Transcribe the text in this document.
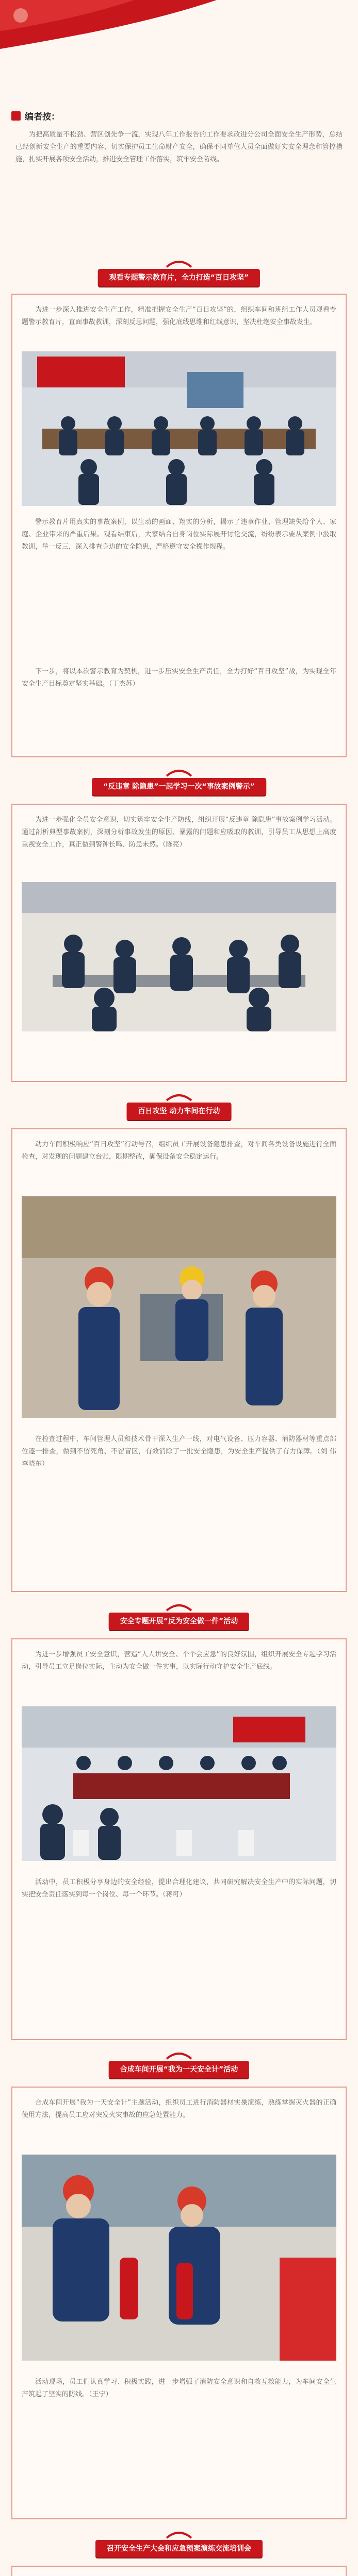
编者按：

为把高质量不松劲、营区创先争一流，实现八年工作报告的工作要求改进分公司全面安全生产形势，总结已经创新安全生产的重要内容，切实保护员工生命财产安全，确保不同单位人员全面做好实安全理念和管控措施，扎实开展各项安全活动，推进安全管理工作落实，筑牢安全防线。

观看专题警示教育片，全力打造“百日攻坚”

为进一步深入推进安全生产工作，精准把握安全生产“百日攻坚”的，组织车间和班组工作人员观看专题警示教育片，直面事故教训，深刻反思问题，强化底线思维和红线意识，坚决杜绝安全事故发生。

警示教育片用真实的事故案例，以生动的画面、翔实的分析，揭示了违章作业、管理缺失给个人、家庭、企业带来的严重后果。观看结束后，大家结合自身岗位实际展开讨论交流，纷纷表示要从案例中汲取教训，举一反三，深入排查身边的安全隐患，严格遵守安全操作规程。

下一步，将以本次警示教育为契机，进一步压实安全生产责任，全力打好“百日攻坚”战，为实现全年安全生产目标奠定坚实基础。（丁杰苏）

“反违章 除隐患”一起学习一次“事故案例警示”

为进一步强化全员安全意识，切实筑牢安全生产防线，组织开展“反违章 除隐患”事故案例学习活动。通过剖析典型事故案例，深刻分析事故发生的原因、暴露的问题和应吸取的教训，引导员工从思想上高度重视安全工作，真正做到警钟长鸣、防患未然。（陈亮）

百日攻坚 动力车间在行动

动力车间积极响应“百日攻坚”行动号召，组织员工开展设备隐患排查，对车间各类设备设施进行全面检查，对发现的问题建立台账，限期整改，确保设备安全稳定运行。

在检查过程中，车间管理人员和技术骨干深入生产一线，对电气设备、压力容器、消防器材等重点部位逐一排查，做到不留死角、不留盲区，有效消除了一批安全隐患，为安全生产提供了有力保障。（刘 伟 李晓东）

安全专题开展“反为安全做一件”活动

为进一步增强员工安全意识，营造“人人讲安全、个个会应急”的良好氛围，组织开展安全专题学习活动，引导员工立足岗位实际，主动为安全做一件实事，以实际行动守护安全生产底线。

活动中，员工积极分享身边的安全经验，提出合理化建议，共同研究解决安全生产中的实际问题，切实把安全责任落实到每一个岗位、每一个环节。（蒋可）

合成车间开展“我为一天安全计”活动

合成车间开展“我为一天安全计”主题活动，组织员工进行消防器材实操演练，熟练掌握灭火器的正确使用方法，提高员工应对突发火灾事故的应急处置能力。

活动现场，员工们认真学习、积极实践，进一步增强了消防安全意识和自救互救能力，为车间安全生产筑起了坚实的防线。（王宁）

召开安全生产大会和应急预案演练交流培训会
